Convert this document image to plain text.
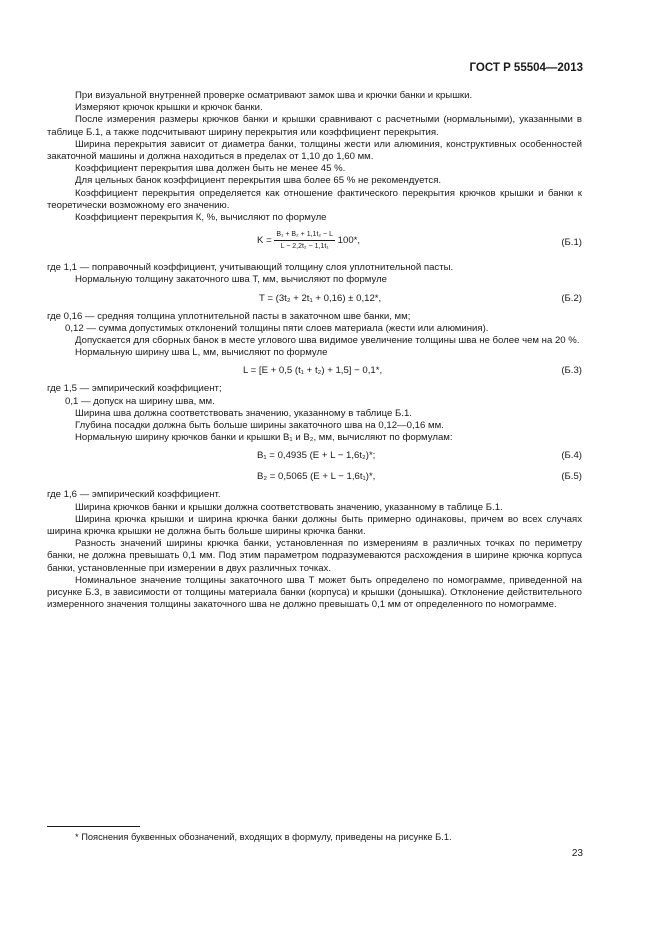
ГОСТ Р 55504—2013

При визуальной внутренней проверке осматривают замок шва и крючки банки и крышки.

Измеряют крючок крышки и крючок банки.

После измерения размеры крючков банки и крышки сравнивают с расчетными (нормальными), указанными в таблице Б.1, а также подсчитывают ширину перекрытия или коэффициент перекрытия.

Ширина перекрытия зависит от диаметра банки, толщины жести или алюминия, конструктивных особенностей закаточной машины и должна находиться в пределах от 1,10 до 1,60 мм.

Коэффициент перекрытия шва должен быть не менее 45 %.

Для цельных банок коэффициент перекрытия шва более 65 % не рекомендуется.

Коэффициент перекрытия определяется как отношение фактического перекрытия крючков крышки и банки к теоретически возможному его значению.

Коэффициент перекрытия К, %, вычисляют по формуле

$K = \frac{\text{B₁ + B₂ + 1,1t₂ − L}}{\text{L − 2,2t₂ − 1,1t₁}} 100*$,	(Б.1)

где 1,1 — поправочный коэффициент, учитывающий толщину слоя уплотнительной пасты.

Нормальную толщину закаточного шва Т, мм, вычисляют по формуле

T = (3t₂ + 2t₁ + 0,16) ± 0,12*,	(Б.2)

где 0,16 — средняя толщина уплотнительной пасты в закаточном шве банки, мм;

0,12 — сумма допустимых отклонений толщины пяти слоев материала (жести или алюминия).

Допускается для сборных банок в месте углового шва видимое увеличение толщины шва не более чем на 20 %.

Нормальную ширину шва L, мм, вычисляют по формуле

L = [E + 0,5 (t₁ + t₂) + 1,5] − 0,1*,	(Б.3)

где 1,5 — эмпирический коэффициент;

0,1 — допуск на ширину шва, мм.

Ширина шва должна соответствовать значению, указанному в таблице Б.1.

Глубина посадки должна быть больше ширины закаточного шва на 0,12—0,16 мм.

Нормальную ширину крючков банки и крышки B₁ и B₂, мм, вычисляют по формулам:

B₁ = 0,4935 (E + L − 1,6t₂)*;	(Б.4)
B₂ = 0,5065 (E + L − 1,6t₁)*,	(Б.5)

где 1,6 — эмпирический коэффициент.

Ширина крючков банки и крышки должна соответствовать значению, указанному в таблице Б.1.

Ширина крючка крышки и ширина крючка банки должны быть примерно одинаковы, причем во всех случаях ширина крючка крышки не должна быть больше ширины крючка банки.

Разность значений ширины крючка банки, установленная по измерениям в различных точках по периметру банки, не должна превышать 0,1 мм. Под этим параметром подразумеваются расхождения в ширине крючка корпуса банки, установленные при измерении в двух различных точках.

Номинальное значение толщины закаточного шва Т может быть определено по номограмме, приведенной на рисунке Б.3, в зависимости от толщины материала банки (корпуса) и крышки (донышка). Отклонение действительного измеренного значения толщины закаточного шва не должно превышать 0,1 мм от определенного по номограмме.

* Пояснения буквенных обозначений, входящих в формулу, приведены на рисунке Б.1.
23
